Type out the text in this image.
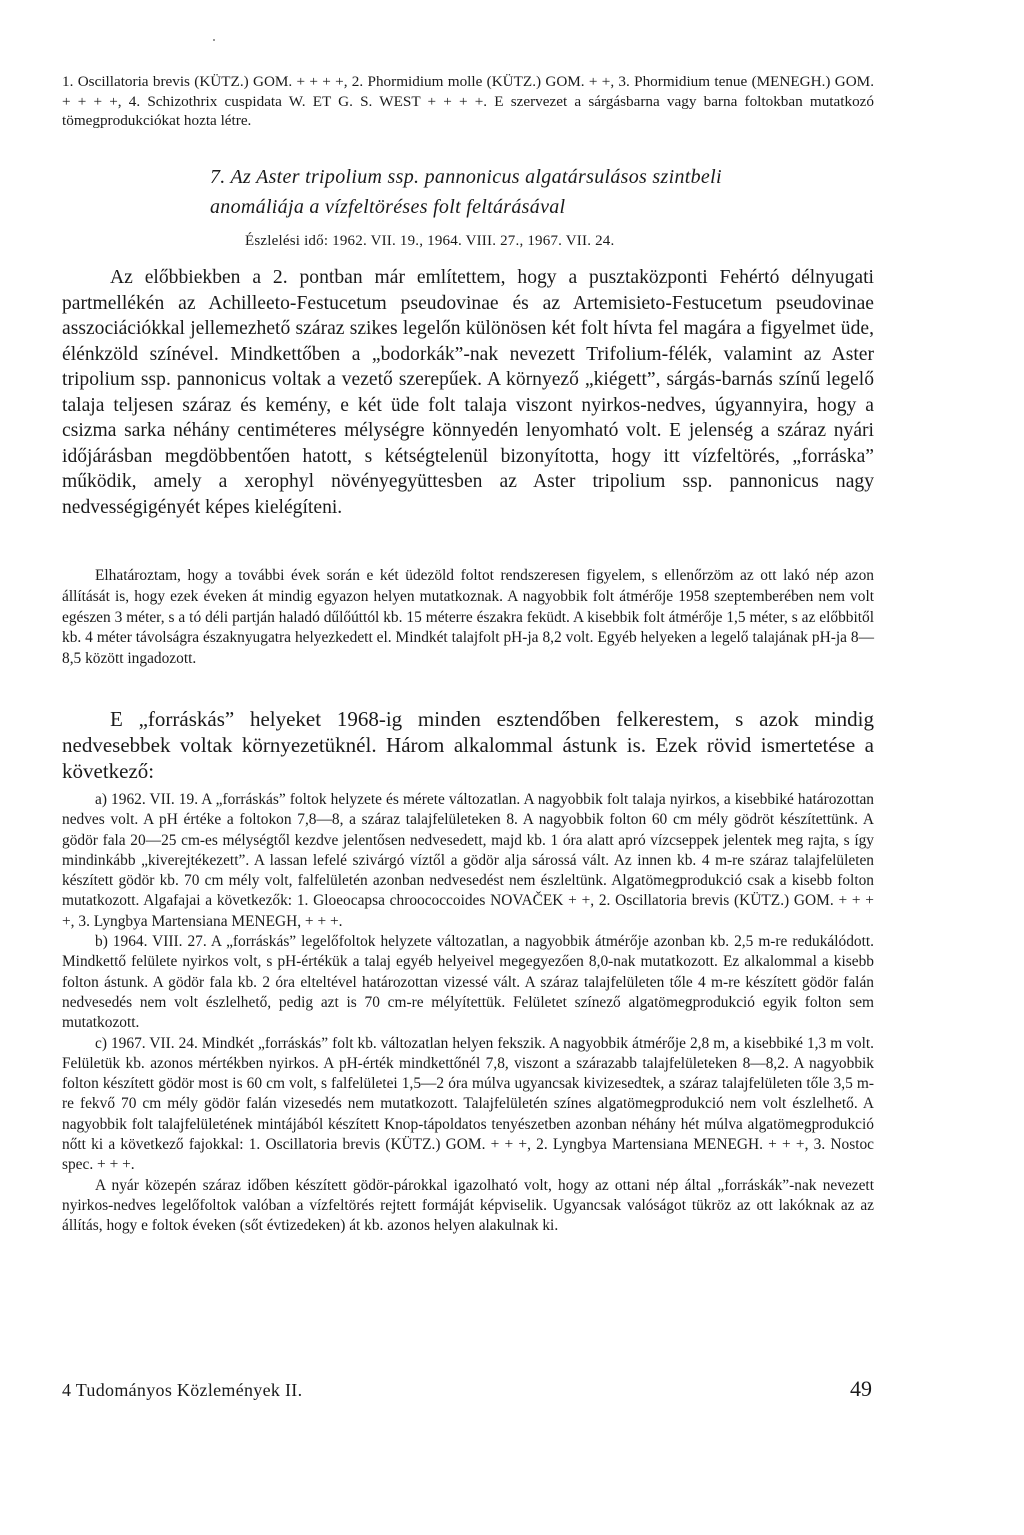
1. Oscillatoria brevis (KÜTZ.) GOM. + + + +, 2. Phormidium molle (KÜTZ.) GOM. + +, 3. Phormidium tenue (MENEGH.) GOM. + + + +, 4. Schizothrix cuspidata W. ET G. S. WEST + + + +. E szervezet a sárgásbarna vagy barna foltokban mutatkozó tömegprodukciókat hozta létre.

7. Az Aster tripolium ssp. pannonicus algatársulásos szintbeli anomáliája a vízfeltöréses folt feltárásával
Észlelési idő: 1962. VII. 19., 1964. VIII. 27., 1967. VII. 24.

Az előbbiekben a 2. pontban már említettem, hogy a pusztaközponti Fehértó délnyugati partmellékén az Achilleeto-Festucetum pseudovinae és az Artemisieto-Festucetum pseudovinae asszociációkkal jellemezhető száraz szikes legelőn különösen két folt hívta fel magára a figyelmet üde, élénkzöld színével. Mindkettőben a „bodorkák”-nak nevezett Trifolium-félék, valamint az Aster tripolium ssp. pannonicus voltak a vezető szerepűek. A környező „kiégett”, sárgás-barnás színű legelő talaja teljesen száraz és kemény, e két üde folt talaja viszont nyirkos-nedves, úgyannyira, hogy a csizma sarka néhány centiméteres mélységre könnyedén lenyomható volt. E jelenség a száraz nyári időjárásban megdöbbentően hatott, s kétségtelenül bizonyította, hogy itt vízfeltörés, „forráska” működik, amely a xerophyl növényegyüttesben az Aster tripolium ssp. pannonicus nagy nedvességigényét képes kielégíteni.

Elhatároztam, hogy a további évek során e két üdezöld foltot rendszeresen figyelem, s ellenőrzöm az ott lakó nép azon állítását is, hogy ezek éveken át mindig egyazon helyen mutatkoznak. A nagyobbik folt átmérője 1958 szeptemberében nem volt egészen 3 méter, s a tó déli partján haladó dűlőúttól kb. 15 méterre északra feküdt. A kisebbik folt átmérője 1,5 méter, s az előbbitől kb. 4 méter távolságra északnyugatra helyezkedett el. Mindkét talajfolt pH-ja 8,2 volt. Egyéb helyeken a legelő talajának pH-ja 8—8,5 között ingadozott.

E „forráskás” helyeket 1968-ig minden esztendőben felkerestem, s azok mindig nedvesebbek voltak környezetüknél. Három alkalommal ástunk is. Ezek rövid ismertetése a következő:

a) 1962. VII. 19. A „forráskás” foltok helyzete és mérete változatlan. A nagyobbik folt talaja nyirkos, a kisebbiké határozottan nedves volt. A pH értéke a foltokon 7,8—8, a száraz talajfelületeken 8. A nagyobbik folton 60 cm mély gödröt készítettünk. A gödör fala 20—25 cm-es mélységtől kezdve jelentősen nedvesedett, majd kb. 1 óra alatt apró vízcseppek jelentek meg rajta, s így mindinkább „kiverejtékezett”. A lassan lefelé szivárgó víztől a gödör alja sárossá vált. Az innen kb. 4 m-re száraz talajfelületen készített gödör kb. 70 cm mély volt, falfelületén azonban nedvesedést nem észleltünk. Algatömegprodukció csak a kisebb folton mutatkozott. Algafajai a következők: 1. Gloeocapsa chroococcoides NOVAČEK + +, 2. Oscillatoria brevis (KÜTZ.) GOM. + + + +, 3. Lyngbya Martensiana MENEGH, + + +.

b) 1964. VIII. 27. A „forráskás” legelőfoltok helyzete változatlan, a nagyobbik átmérője azonban kb. 2,5 m-re redukálódott. Mindkettő felülete nyirkos volt, s pH-értékük a talaj egyéb helyeivel megegyezően 8,0-nak mutatkozott. Ez alkalommal a kisebb folton ástunk. A gödör fala kb. 2 óra elteltével határozottan vizessé vált. A száraz talajfelületen tőle 4 m-re készített gödör falán nedvesedés nem volt észlelhető, pedig azt is 70 cm-re mélyítettük. Felületet színező algatömegprodukció egyik folton sem mutatkozott.

c) 1967. VII. 24. Mindkét „forráskás” folt kb. változatlan helyen fekszik. A nagyobbik átmérője 2,8 m, a kisebbiké 1,3 m volt. Felületük kb. azonos mértékben nyirkos. A pH-érték mindkettőnél 7,8, viszont a szárazabb talajfelületeken 8—8,2. A nagyobbik folton készített gödör most is 60 cm volt, s falfelületei 1,5—2 óra múlva ugyancsak kivizesedtek, a száraz talajfelületen tőle 3,5 m-re fekvő 70 cm mély gödör falán vizesedés nem mutatkozott. Talajfelületén színes algatömegprodukció nem volt észlelhető. A nagyobbik folt talajfelületének mintájából készített Knop-tápoldatos tenyészetben azonban néhány hét múlva algatömegprodukció nőtt ki a következő fajokkal: 1. Oscillatoria brevis (KÜTZ.) GOM. + + +, 2. Lyngbya Martensiana MENEGH. + + +, 3. Nostoc spec. + + +.

A nyár közepén száraz időben készített gödör-párokkal igazolható volt, hogy az ottani nép által „forráskák”-nak nevezett nyirkos-nedves legelőfoltok valóban a vízfeltörés rejtett formáját képviselik. Ugyancsak valóságot tükröz az ott lakóknak az az állítás, hogy e foltok éveken (sőt évtizedeken) át kb. azonos helyen alakulnak ki.

4 Tudományos Közlemények II.	49
